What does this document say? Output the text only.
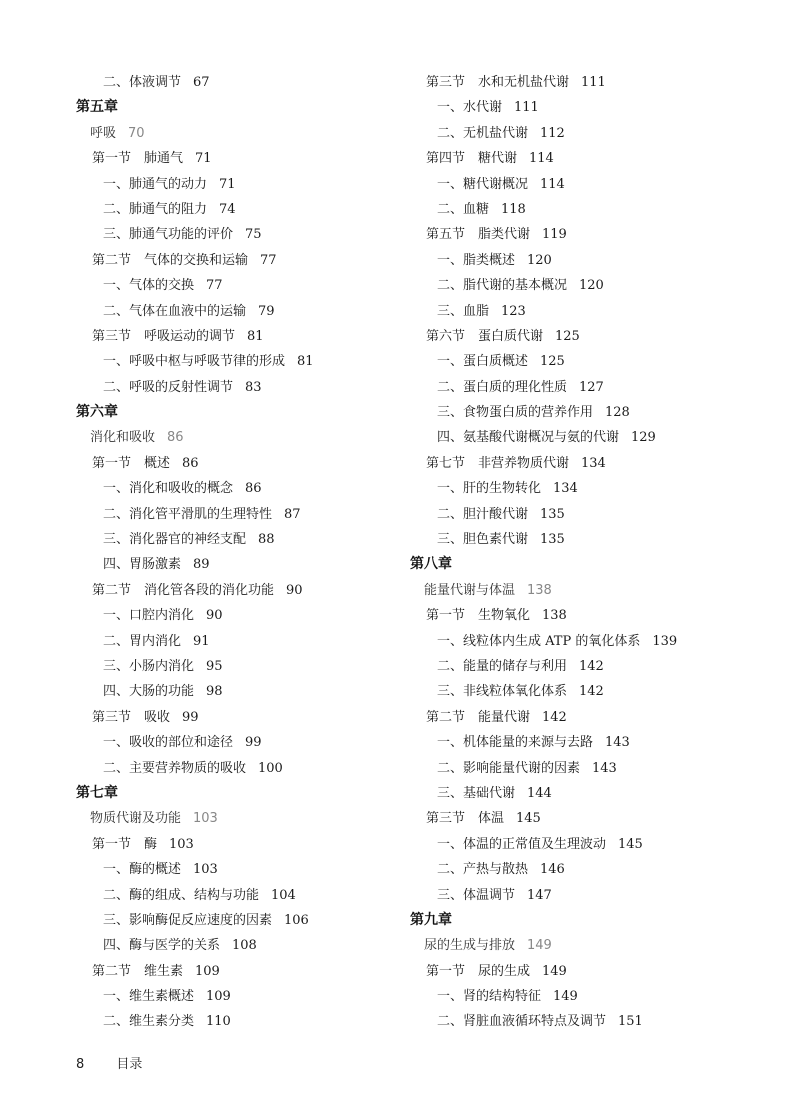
二、体液调节 67
第五章
呼吸 70
第一节　肺通气 71
一、肺通气的动力 71
二、肺通气的阻力 74
三、肺通气功能的评价 75
第二节　气体的交换和运输 77
一、气体的交换 77
二、气体在血液中的运输 79
第三节　呼吸运动的调节 81
一、呼吸中枢与呼吸节律的形成 81
二、呼吸的反射性调节 83
第六章
消化和吸收 86
第一节　概述 86
一、消化和吸收的概念 86
二、消化管平滑肌的生理特性 87
三、消化器官的神经支配 88
四、胃肠激素 89
第二节　消化管各段的消化功能 90
一、口腔内消化 90
二、胃内消化 91
三、小肠内消化 95
四、大肠的功能 98
第三节　吸收 99
一、吸收的部位和途径 99
二、主要营养物质的吸收 100
第七章
物质代谢及功能 103
第一节　酶 103
一、酶的概述 103
二、酶的组成、结构与功能 104
三、影响酶促反应速度的因素 106
四、酶与医学的关系 108
第二节　维生素 109
一、维生素概述 109
二、维生素分类 110
第三节　水和无机盐代谢 111
一、水代谢 111
二、无机盐代谢 112
第四节　糖代谢 114
一、糖代谢概况 114
二、血糖 118
第五节　脂类代谢 119
一、脂类概述 120
二、脂代谢的基本概况 120
三、血脂 123
第六节　蛋白质代谢 125
一、蛋白质概述 125
二、蛋白质的理化性质 127
三、食物蛋白质的营养作用 128
四、氨基酸代谢概况与氨的代谢 129
第七节　非营养物质代谢 134
一、肝的生物转化 134
二、胆汁酸代谢 135
三、胆色素代谢 135
第八章
能量代谢与体温 138
第一节　生物氧化 138
一、线粒体内生成 ATP 的氧化体系 139
二、能量的储存与利用 142
三、非线粒体氧化体系 142
第二节　能量代谢 142
一、机体能量的来源与去路 143
二、影响能量代谢的因素 143
三、基础代谢 144
第三节　体温 145
一、体温的正常值及生理波动 145
二、产热与散热 146
三、体温调节 147
第九章
尿的生成与排放 149
第一节　尿的生成 149
一、肾的结构特征 149
二、肾脏血液循环特点及调节 151
8 目录
